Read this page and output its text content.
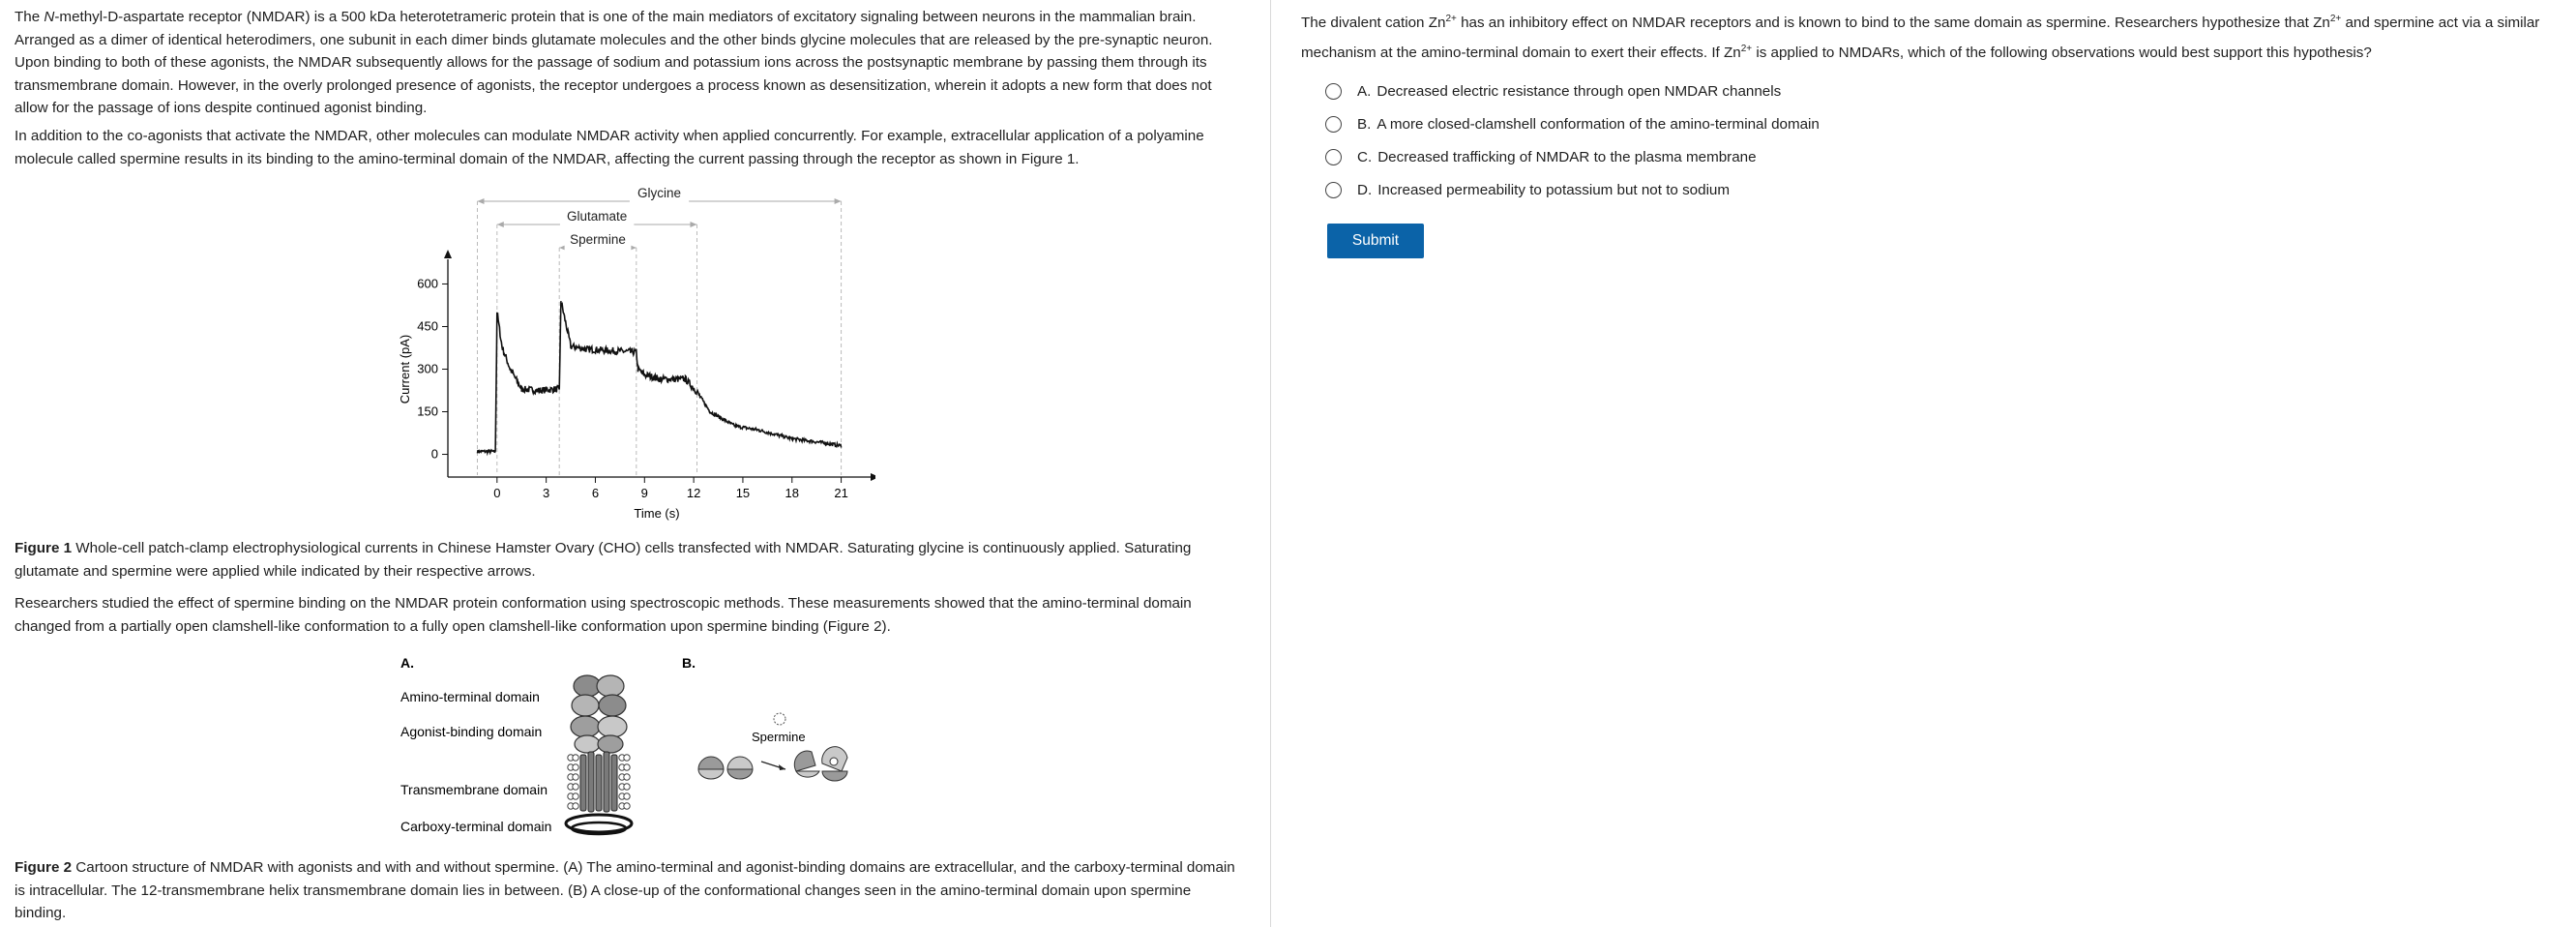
The N-methyl-D-aspartate receptor (NMDAR) is a 500 kDa heterotetrameric protein that is one of the main mediators of excitatory signaling between neurons in the mammalian brain. Arranged as a dimer of identical heterodimers, one subunit in each dimer binds glutamate molecules and the other binds glycine molecules that are released by the pre-synaptic neuron. Upon binding to both of these agonists, the NMDAR subsequently allows for the passage of sodium and potassium ions across the postsynaptic membrane by passing them through its transmembrane domain. However, in the overly prolonged presence of agonists, the receptor undergoes a process known as desensitization, wherein it adopts a new form that does not allow for the passage of ions despite continued agonist binding.

In addition to the co-agonists that activate the NMDAR, other molecules can modulate NMDAR activity when applied concurrently. For example, extracellular application of a polyamine molecule called spermine results in its binding to the amino-terminal domain of the NMDAR, affecting the current passing through the receptor as shown in Figure 1.

0	3	6	9	12	15	18	21
0
150
300
450
600
Time (s)
Current (pA)
Glycine
Glutamate
Spermine

Figure 1 Whole-cell patch-clamp electrophysiological currents in Chinese Hamster Ovary (CHO) cells transfected with NMDAR. Saturating glycine is continuously applied. Saturating glutamate and spermine were applied while indicated by their respective arrows.

Researchers studied the effect of spermine binding on the NMDAR protein conformation using spectroscopic methods. These measurements showed that the amino-terminal domain changed from a partially open clamshell-like conformation to a fully open clamshell-like conformation upon spermine binding (Figure 2).

A.	B.
Amino-terminal domain
Agonist-binding domain
Transmembrane domain
Carboxy-terminal domain
Spermine

Figure 2 Cartoon structure of NMDAR with agonists and with and without spermine. (A) The amino-terminal and agonist-binding domains are extracellular, and the carboxy-terminal domain is intracellular. The 12-transmembrane helix transmembrane domain lies in between. (B) A close-up of the conformational changes seen in the amino-terminal domain upon spermine binding.

The divalent cation $Zn^{2+}$ has an inhibitory effect on NMDAR receptors and is known to bind to the same domain as spermine. Researchers hypothesize that $Zn^{2+}$ and spermine act via a similar mechanism at the amino-terminal domain to exert their effects. If $Zn^{2+}$ is applied to NMDARs, which of the following observations would best support this hypothesis?

A. Decreased electric resistance through open NMDAR channels
B. A more closed-clamshell conformation of the amino-terminal domain
C. Decreased trafficking of NMDAR to the plasma membrane
D. Increased permeability to potassium but not to sodium
Submit
